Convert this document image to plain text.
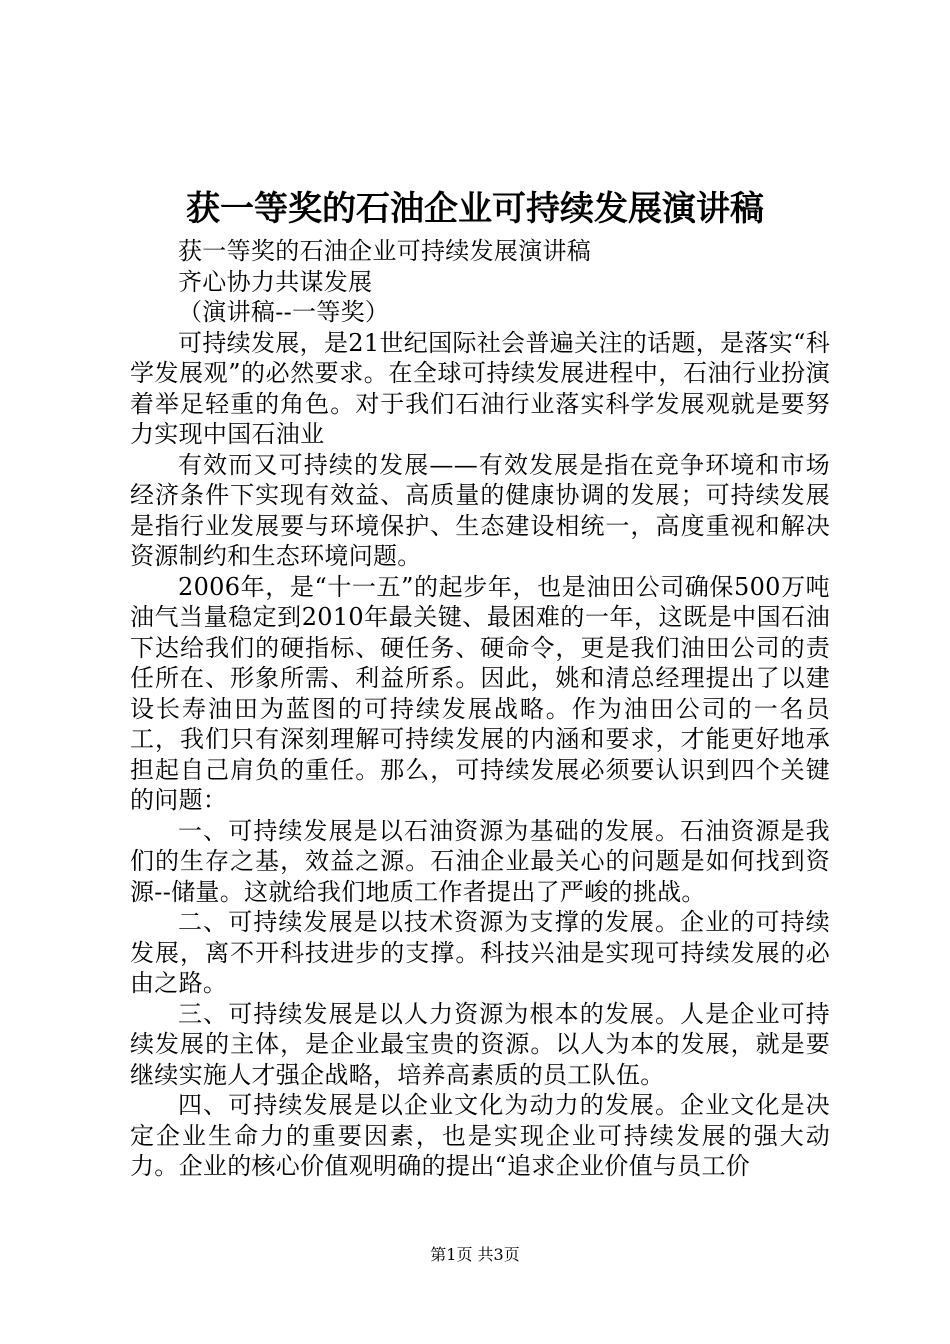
获一等奖的石油企业可持续发展演讲稿

获一等奖的石油企业可持续发展演讲稿

齐心协力共谋发展

（演讲稿--一等奖）

可持续发展，是21世纪国际社会普遍关注的话题，是落实“科学发展观”的必然要求。在全球可持续发展进程中，石油行业扮演着举足轻重的角色。对于我们石油行业落实科学发展观就是要努力实现中国石油业

有效而又可持续的发展——有效发展是指在竞争环境和市场经济条件下实现有效益、高质量的健康协调的发展；可持续发展是指行业发展要与环境保护、生态建设相统一，高度重视和解决资源制约和生态环境问题。

2006年，是“十一五”的起步年，也是油田公司确保500万吨油气当量稳定到2010年最关键、最困难的一年，这既是中国石油下达给我们的硬指标、硬任务、硬命令，更是我们油田公司的责任所在、形象所需、利益所系。因此，姚和清总经理提出了以建设长寿油田为蓝图的可持续发展战略。作为油田公司的一名员工，我们只有深刻理解可持续发展的内涵和要求，才能更好地承担起自己肩负的重任。那么，可持续发展必须要认识到四个关键的问题：

一、可持续发展是以石油资源为基础的发展。石油资源是我们的生存之基，效益之源。石油企业最关心的问题是如何找到资源--储量。这就给我们地质工作者提出了严峻的挑战。

二、可持续发展是以技术资源为支撑的发展。企业的可持续发展，离不开科技进步的支撑。科技兴油是实现可持续发展的必由之路。

三、可持续发展是以人力资源为根本的发展。人是企业可持续发展的主体，是企业最宝贵的资源。以人为本的发展，就是要继续实施人才强企战略，培养高素质的员工队伍。

四、可持续发展是以企业文化为动力的发展。企业文化是决定企业生命力的重要因素，也是实现企业可持续发展的强大动力。企业的核心价值观明确的提出“追求企业价值与员工价

第1页 共3页
